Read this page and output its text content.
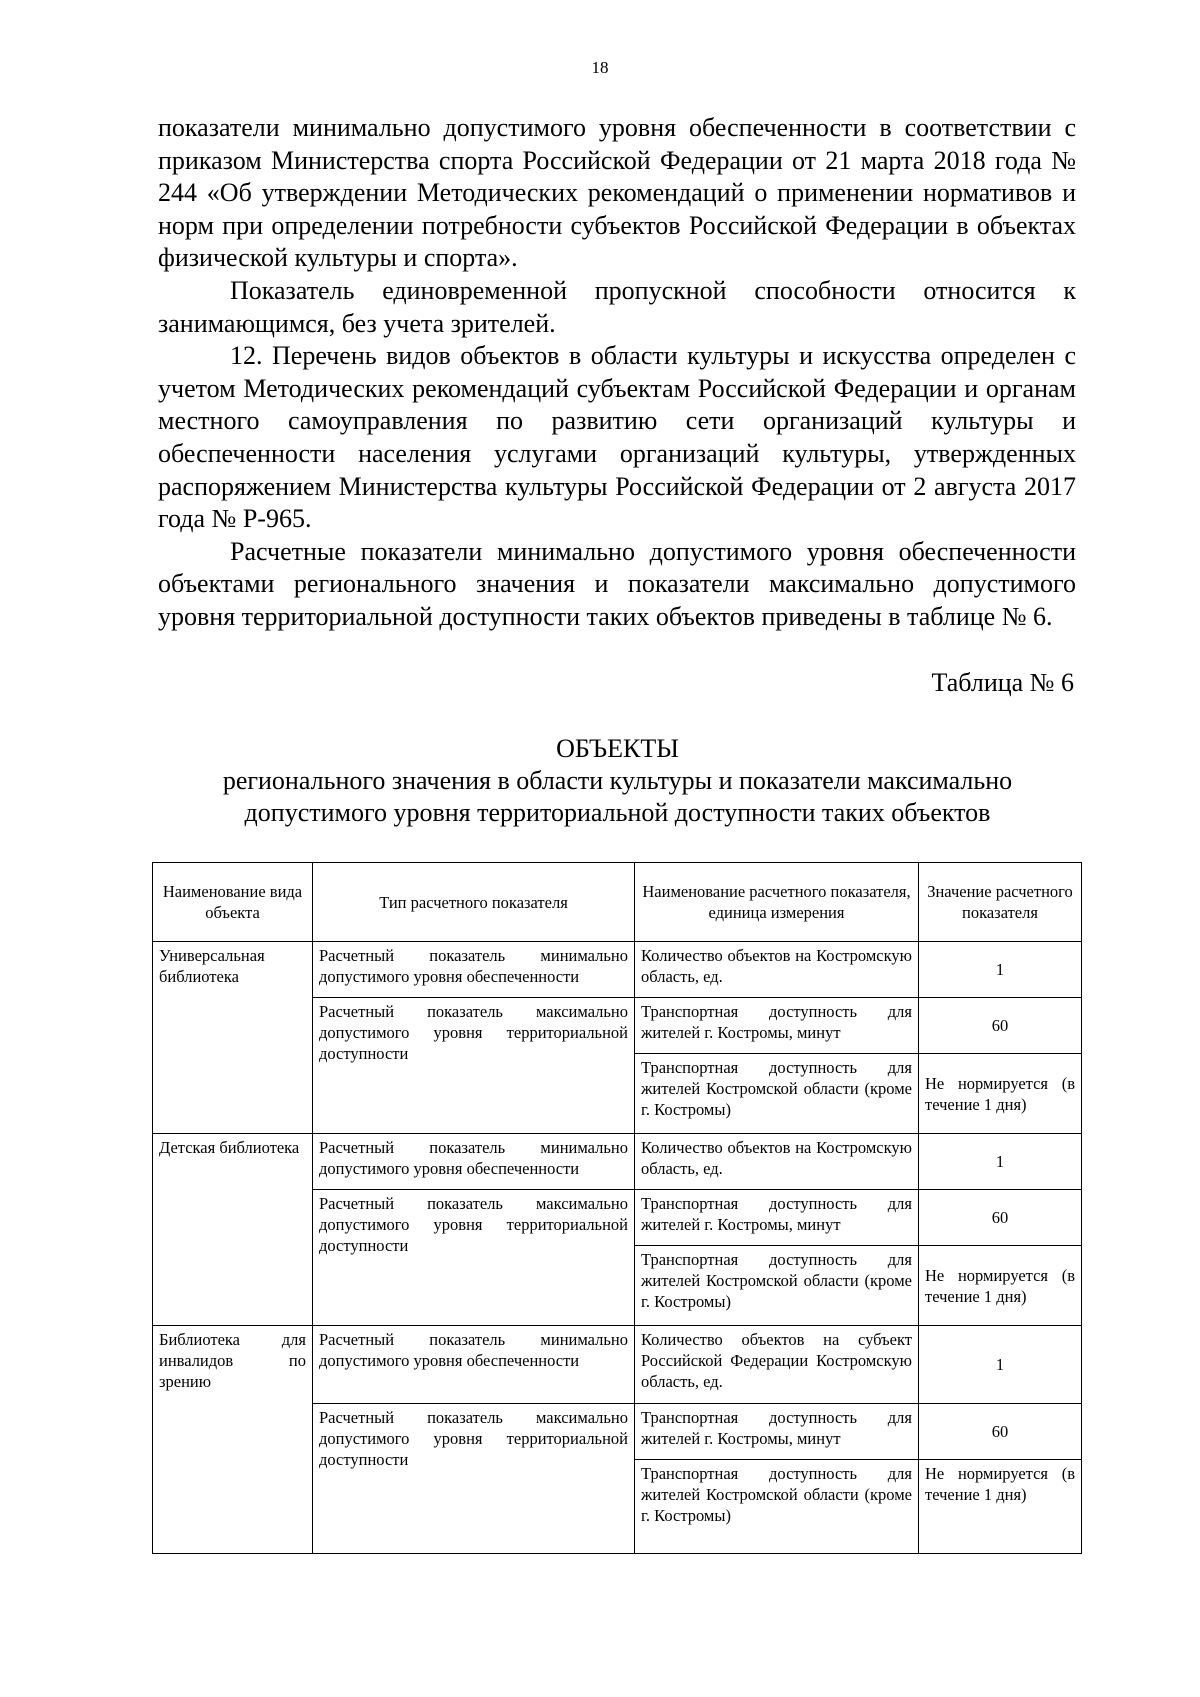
18

показатели минимально допустимого уровня обеспеченности в соответствии с приказом Министерства спорта Российской Федерации от 21 марта 2018 года № 244 «Об утверждении Методических рекомендаций о применении нормативов и норм при определении потребности субъектов Российской Федерации в объектах физической культуры и спорта».

Показатель единовременной пропускной способности относится к занимающимся, без учета зрителей.

12. Перечень видов объектов в области культуры и искусства определен с учетом Методических рекомендаций субъектам Российской Федерации и органам местного самоуправления по развитию сети организаций культуры и обеспеченности населения услугами организаций культуры, утвержденных распоряжением Министерства культуры Российской Федерации от 2 августа 2017 года № Р-965.

Расчетные показатели минимально допустимого уровня обеспеченности объектами регионального значения и показатели максимально допустимого уровня территориальной доступности таких объектов приведены в таблице № 6.

Таблица № 6
ОБЪЕКТЫ
регионального значения в области культуры и показатели максимально допустимого уровня территориальной доступности таких объектов
Наименование вида объекта	Тип расчетного показателя	Наименование расчетного показателя, единица измерения	Значение расчетного показателя
Универсальная библиотека	Расчетный показатель минимально допустимого уровня обеспеченности	Количество объектов на Костромскую область, ед.	1
	Расчетный показатель максимально допустимого уровня территориальной доступности	Транспортная доступность для жителей г. Костромы, минут	60
		Транспортная доступность для жителей Костромской области (кроме г. Костромы)	Не нормируется (в течение 1 дня)
Детская библиотека	Расчетный показатель минимально допустимого уровня обеспеченности	Количество объектов на Костромскую область, ед.	1
	Расчетный показатель максимально допустимого уровня территориальной доступности	Транспортная доступность для жителей г. Костромы, минут	60
		Транспортная доступность для жителей Костромской области (кроме г. Костромы)	Не нормируется (в течение 1 дня)
Библиотека для инвалидов по зрению	Расчетный показатель минимально допустимого уровня обеспеченности	Количество объектов на субъект Российской Федерации Костромскую область, ед.	1
	Расчетный показатель максимально допустимого уровня территориальной доступности	Транспортная доступность для жителей г. Костромы, минут	60
		Транспортная доступность для жителей Костромской области (кроме г. Костромы)	Не нормируется (в течение 1 дня)
